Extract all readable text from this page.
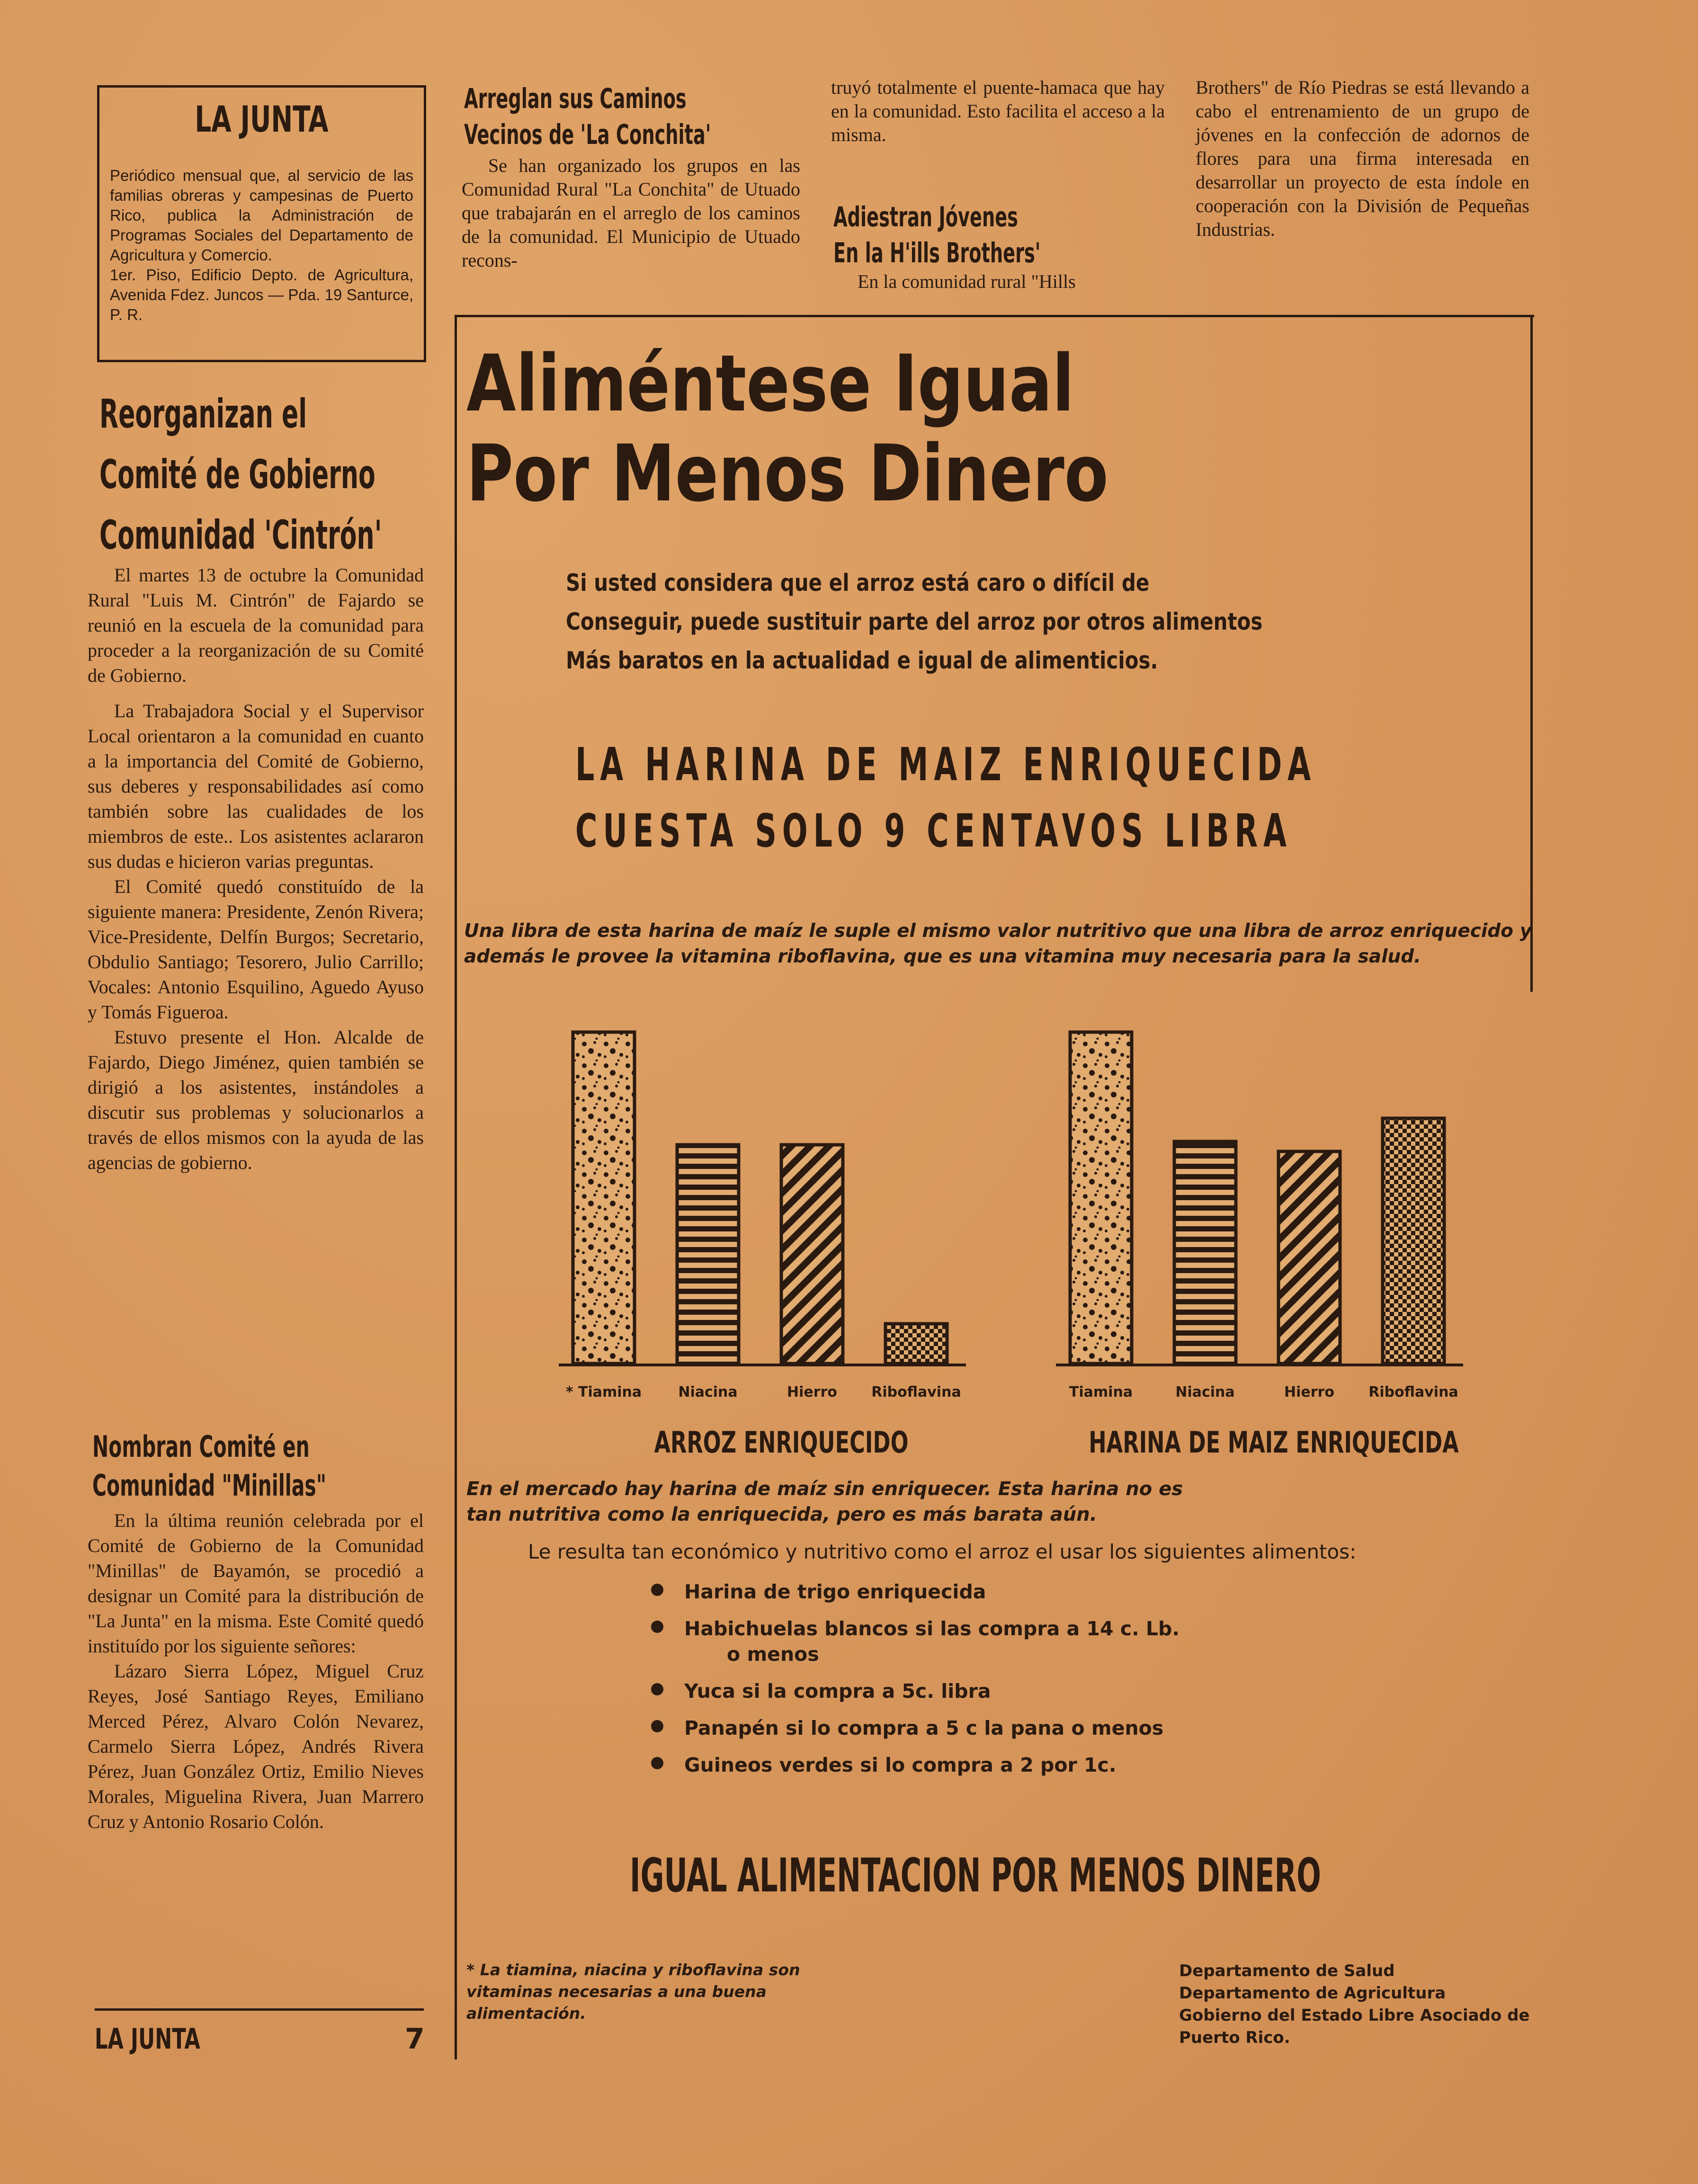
LA JUNTA

Periódico mensual que, al servicio de las familias obreras y campesinas de Puerto Rico, publica la Administración de Programas Sociales del Departamento de Agricultura y Comercio.

1er. Piso, Edificio Depto. de Agricultura, Avenida Fdez. Juncos — Pda. 19 Santurce, P. R.

Reorganizan el
Comité de Gobierno
Comunidad 'Cintrón'

El martes 13 de octubre la Comunidad Rural "Luis M. Cintrón" de Fajardo se reunió en la escuela de la comunidad para proceder a la reorganización de su Comité de Gobierno.

La Trabajadora Social y el Supervisor Local orientaron a la comunidad en cuanto a la importancia del Comité de Gobierno, sus deberes y responsabilidades así como también sobre las cualidades de los miembros de este.. Los asistentes aclararon sus dudas e hicieron varias preguntas.

El Comité quedó constituído de la siguiente manera: Presidente, Zenón Rivera; Vice-Presidente, Delfín Burgos; Secretario, Obdulio Santiago; Tesorero, Julio Carrillo; Vocales: Antonio Esquilino, Aguedo Ayuso y Tomás Figueroa.

Estuvo presente el Hon. Alcalde de Fajardo, Diego Jiménez, quien también se dirigió a los asistentes, instándoles a discutir sus problemas y solucionarlos a través de ellos mismos con la ayuda de las agencias de gobierno.

Nombran Comité en
Comunidad "Minillas"

En la última reunión celebrada por el Comité de Gobierno de la Comunidad "Minillas" de Bayamón, se procedió a designar un Comité para la distribución de "La Junta" en la misma. Este Comité quedó instituído por los siguiente señores:

Lázaro Sierra López, Miguel Cruz Reyes, José Santiago Reyes, Emiliano Merced Pérez, Alvaro Colón Nevarez, Carmelo Sierra López, Andrés Rivera Pérez, Juan González Ortiz, Emilio Nieves Morales, Miguelina Rivera, Juan Marrero Cruz y Antonio Rosario Colón.

LA JUNTA	7
Arreglan sus Caminos
Vecinos de 'La Conchita'

Se han organizado los grupos en las Comunidad Rural "La Conchita" de Utuado que trabajarán en el arreglo de los caminos de la comunidad. El Municipio de Utuado recons-

truyó totalmente el puente-hamaca que hay en la comunidad. Esto facilita el acceso a la misma.

Adiestran Jóvenes
En la H'ills Brothers'

En la comunidad rural "Hills

Brothers" de Río Piedras se está llevando a cabo el entrenamiento de un grupo de jóvenes en la confección de adornos de flores para una firma interesada en desarrollar un proyecto de esta índole en cooperación con la División de Pequeñas Industrias.

Aliméntese Igual
Por Menos Dinero
Si usted considera que el arroz está caro o difícil de
Conseguir, puede sustituir parte del arroz por otros alimentos
Más baratos en la actualidad e igual de alimenticios.
LA HARINA DE MAIZ ENRIQUECIDA
CUESTA SOLO 9 CENTAVOS LIBRA
Una libra de esta harina de maíz le suple el mismo valor nutritivo que una libra de arroz enriquecido y además le provee la vitamina riboflavina, que es una vitamina muy necesaria para la salud.
* Tiamina	Niacina	Hierro Riboflavina	Tiamina	Niacina	Hierro Riboflavina
En el mercado hay harina de maíz sin enriquecer. Esta harina no es tan nutritiva como la enriquecida, pero es más barata aún.
Le resulta tan económico y nutritivo como el arroz el usar los siguientes alimentos:
Harina de trigo enriquecida
Habichuelas blancos si las compra a 14 c. Lb.
o menos
Yuca si la compra a 5c. libra
Panapén si lo compra a 5 c la pana o menos
Guineos verdes si lo compra a 2 por 1c.
IGUAL ALIMENTACION POR MENOS DINERO
* La tiamina, niacina y riboflavina son vitaminas necesarias a una buena alimentación.
Departamento de Salud
Departamento de Agricultura
Gobierno del Estado Libre Asociado de
Puerto Rico.
ARROZ ENRIQUECIDO	HARINA DE MAIZ ENRIQUECIDA
